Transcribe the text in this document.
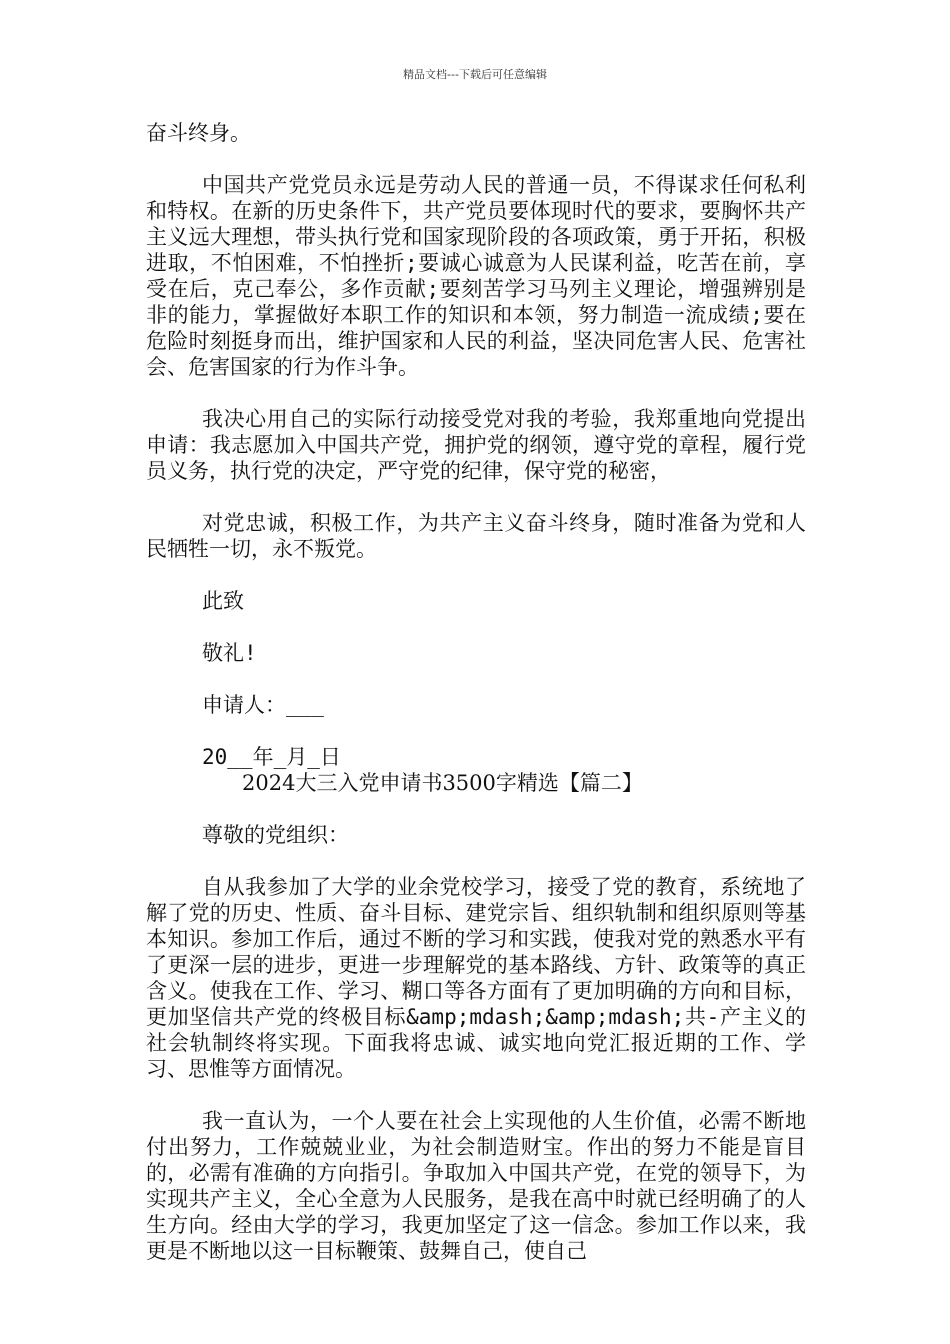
精品文档---下载后可任意编辑

奋斗终身。

中国共产党党员永远是劳动人民的普通一员，不得谋求任何私利和特权。在新的历史条件下，共产党员要体现时代的要求，要胸怀共产主义远大理想，带头执行党和国家现阶段的各项政策，勇于开拓，积极进取，不怕困难，不怕挫折;要诚心诚意为人民谋利益，吃苦在前，享受在后，克己奉公，多作贡献;要刻苦学习马列主义理论，增强辨别是非的能力，掌握做好本职工作的知识和本领，努力制造一流成绩;要在危险时刻挺身而出，维护国家和人民的利益，坚决同危害人民、危害社会、危害国家的行为作斗争。

我决心用自己的实际行动接受党对我的考验，我郑重地向党提出申请：我志愿加入中国共产党，拥护党的纲领，遵守党的章程，履行党员义务，执行党的决定，严守党的纪律，保守党的秘密，

对党忠诚，积极工作，为共产主义奋斗终身，随时准备为党和人民牺牲一切，永不叛党。

此致

敬礼!

申请人：___

20__年_月_日

2024大三入党申请书3500字精选【篇二】

尊敬的党组织：

自从我参加了大学的业余党校学习，接受了党的教育，系统地了解了党的历史、性质、奋斗目标、建党宗旨、组织轨制和组织原则等基本知识。参加工作后，通过不断的学习和实践，使我对党的熟悉水平有了更深一层的进步，更进一步理解党的基本路线、方针、政策等的真正含义。使我在工作、学习、糊口等各方面有了更加明确的方向和目标，更加坚信共产党的终极目标&amp;mdash;&amp;mdash;共-产主义的社会轨制终将实现。下面我将忠诚、诚实地向党汇报近期的工作、学习、思惟等方面情况。

我一直认为，一个人要在社会上实现他的人生价值，必需不断地付出努力，工作兢兢业业，为社会制造财宝。作出的努力不能是盲目的，必需有准确的方向指引。争取加入中国共产党，在党的领导下，为实现共产主义，全心全意为人民服务，是我在高中时就已经明确了的人生方向。经由大学的学习，我更加坚定了这一信念。参加工作以来，我更是不断地以这一目标鞭策、鼓舞自己，使自己
